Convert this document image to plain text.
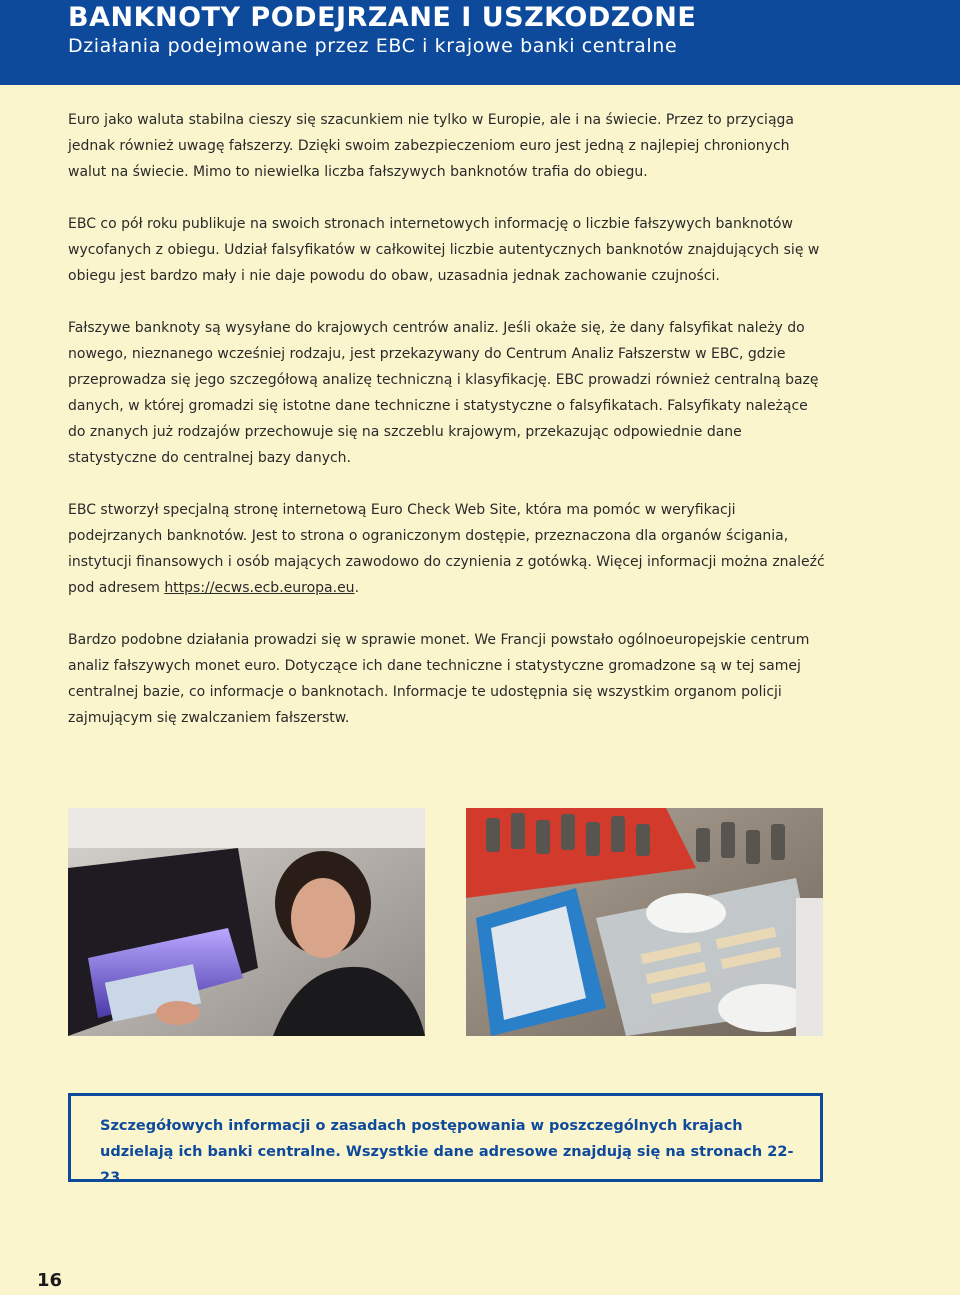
BANKNOTY PODEJRZANE I USZKODZONE
Działania podejmowane przez EBC i krajowe banki centralne

Euro jako waluta stabilna cieszy się szacunkiem nie tylko w Europie, ale i na świecie. Przez to przyciąga jednak również uwagę fałszerzy. Dzięki swoim zabezpieczeniom euro jest jedną z najlepiej chronionych walut na świecie. Mimo to niewielka liczba fałszywych banknotów trafia do obiegu.

EBC co pół roku publikuje na swoich stronach internetowych informację o liczbie fałszywych banknotów wycofanych z obiegu. Udział falsyfikatów w całkowitej liczbie autentycznych banknotów znajdujących się w obiegu jest bardzo mały i nie daje powodu do obaw, uzasadnia jednak zachowanie czujności.

Fałszywe banknoty są wysyłane do krajowych centrów analiz. Jeśli okaże się, że dany falsyfikat należy do nowego, nieznanego wcześniej rodzaju, jest przekazywany do Centrum Analiz Fałszerstw w EBC, gdzie przeprowadza się jego szczegółową analizę techniczną i klasyfikację. EBC prowadzi również centralną bazę danych, w której gromadzi się istotne dane techniczne i statystyczne o falsyfikatach. Falsyfikaty należące do znanych już rodzajów przechowuje się na szczeblu krajowym, przekazując odpowiednie dane statystyczne do centralnej bazy danych.

EBC stworzył specjalną stronę internetową Euro Check Web Site, która ma pomóc w weryfikacji podejrzanych banknotów. Jest to strona o ograniczonym dostępie, przeznaczona dla organów ścigania, instytucji finansowych i osób mających zawodowo do czynienia z gotówką. Więcej informacji można znaleźć pod adresem https://ecws.ecb.europa.eu.

Bardzo podobne działania prowadzi się w sprawie monet. We Francji powstało ogólnoeuropejskie centrum analiz fałszywych monet euro. Dotyczące ich dane techniczne i statystyczne gromadzone są w tej samej centralnej bazie, co informacje o banknotach. Informacje te udostępnia się wszystkim organom policji zajmującym się zwalczaniem fałszerstw.

Szczegółowych informacji o zasadach postępowania w poszczególnych krajach udzielają ich banki centralne. Wszystkie dane adresowe znajdują się na stronach 22-23.
16
